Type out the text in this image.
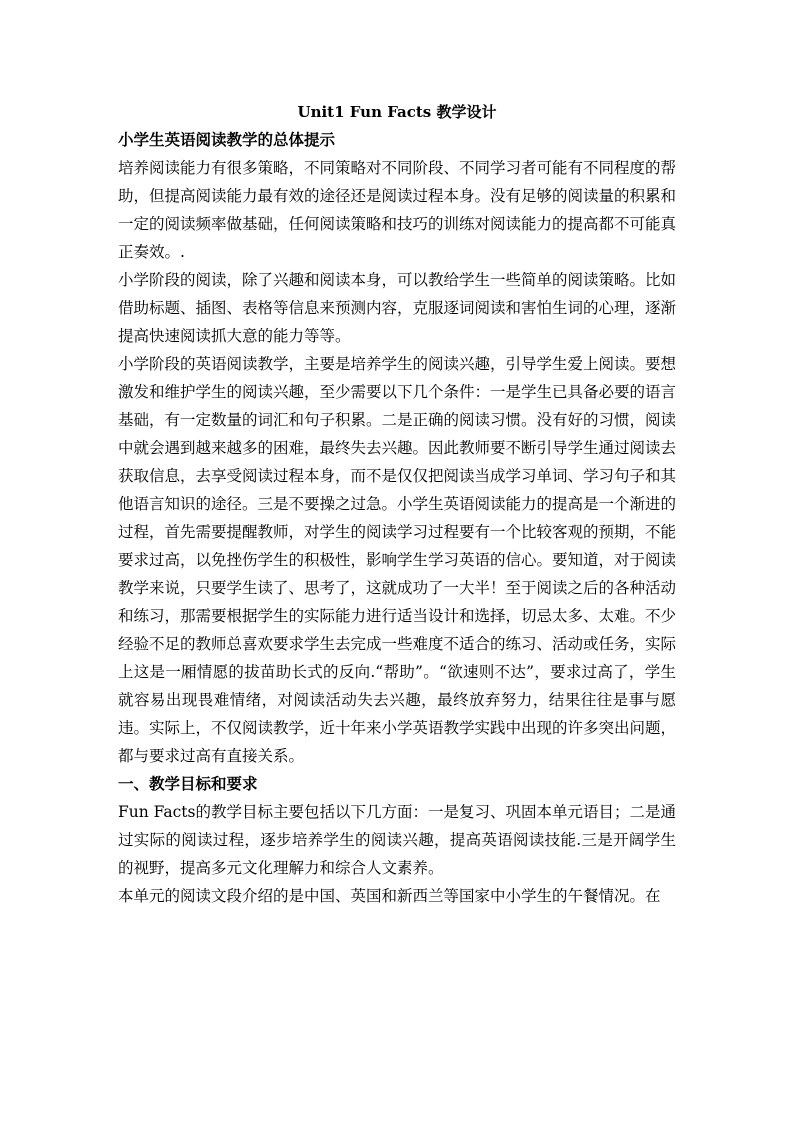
Unit1 Fun Facts 教学设计
小学生英语阅读教学的总体提示

培养阅读能力有很多策略，不同策略对不同阶段、不同学习者可能有不同程度的帮助，但提高阅读能力最有效的途径还是阅读过程本身。没有足够的阅读量的积累和一定的阅读频率做基础，任何阅读策略和技巧的训练对阅读能力的提高都不可能真正奏效。.

小学阶段的阅读，除了兴趣和阅读本身，可以教给学生一些简单的阅读策略。比如借助标题、插图、表格等信息来预测内容，克服逐词阅读和害怕生词的心理，逐渐提高快速阅读抓大意的能力等等。

小学阶段的英语阅读教学，主要是培养学生的阅读兴趣，引导学生爱上阅读。要想激发和维护学生的阅读兴趣，至少需要以下几个条件：一是学生已具备必要的语言基础，有一定数量的词汇和句子积累。二是正确的阅读习惯。没有好的习惯，阅读中就会遇到越来越多的困难，最终失去兴趣。因此教师要不断引导学生通过阅读去获取信息，去享受阅读过程本身，而不是仅仅把阅读当成学习单词、学习句子和其他语言知识的途径。三是不要操之过急。小学生英语阅读能力的提高是一个渐进的过程，首先需要提醒教师，对学生的阅读学习过程要有一个比较客观的预期，不能要求过高，以免挫伤学生的积极性，影响学生学习英语的信心。要知道，对于阅读教学来说，只要学生读了、思考了，这就成功了一大半！至于阅读之后的各种活动和练习，那需要根据学生的实际能力进行适当设计和选择，切忌太多、太难。不少经验不足的教师总喜欢要求学生去完成一些难度不适合的练习、活动或任务，实际上这是一厢情愿的拔苗助长式的反向.“帮助”。“欲速则不达”，要求过高了，学生就容易出现畏难情绪，对阅读活动失去兴趣，最终放弃努力，结果往往是事与愿违。实际上，不仅阅读教学，近十年来小学英语教学实践中出现的许多突出问题，都与要求过高有直接关系。

一、教学目标和要求

Fun Facts的教学目标主要包括以下几方面：一是复习、巩固本单元语目；二是通过实际的阅读过程，逐步培养学生的阅读兴趣，提高英语阅读技能.三是开阔学生的视野，提高多元文化理解力和综合人文素养。

本单元的阅读文段介绍的是中国、英国和新西兰等国家中小学生的午餐情况。在
